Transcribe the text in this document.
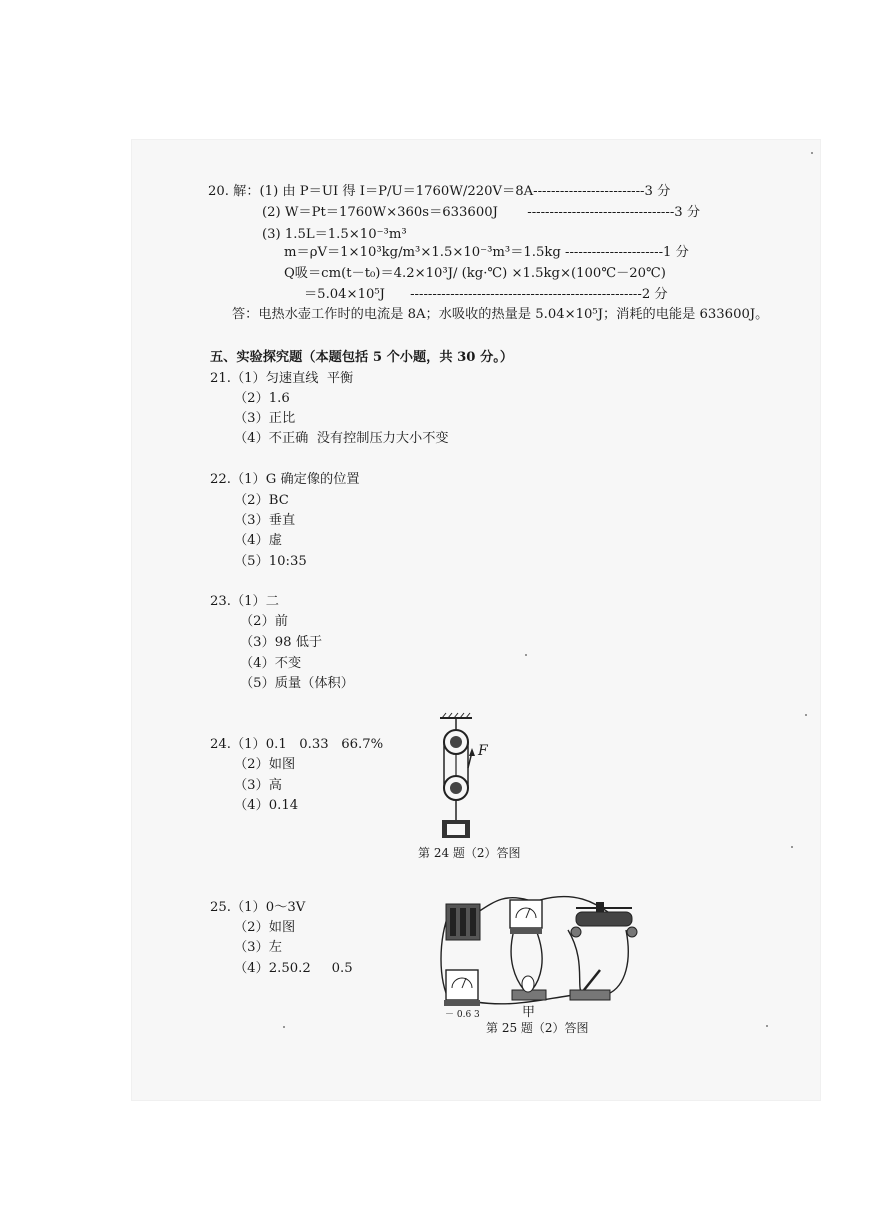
20. 解：(1) 由 P＝UI 得 I＝P/U＝1760W/220V＝8A-------------------------3 分
(2) W＝Pt＝1760W×360s＝633600J       ---------------------------------3 分
(3) 1.5L＝1.5×10⁻³m³
m＝ρV＝1×10³kg/m³×1.5×10⁻³m³＝1.5kg ----------------------1 分
Q吸＝cm(t－t₀)＝4.2×10³J/ (kg·℃) ×1.5kg×(100℃－20℃)
＝5.04×10⁵J      ----------------------------------------------------2 分
答：电热水壶工作时的电流是 8A；水吸收的热量是 5.04×10⁵J；消耗的电能是 633600J。
五、实验探究题（本题包括 5 个小题，共 30 分。）
21.（1）匀速直线  平衡
（2）1.6
（3）正比
（4）不正确  没有控制压力大小不变
22.（1）G 确定像的位置
（2）BC
（3）垂直
（4）虚
（5）10:35
23.（1）二
（2）前
（3）98 低于
（4）不变
（5）质量（体积）
24.（1）0.1   0.33   66.7%
（2）如图
（3）高
（4）0.14
F
第 24 题（2）答图
25.（1）0～3V
（2）如图
（3）左
（4）2.50.2     0.5
－ 0.6 3	甲
第 25 题（2）答图
